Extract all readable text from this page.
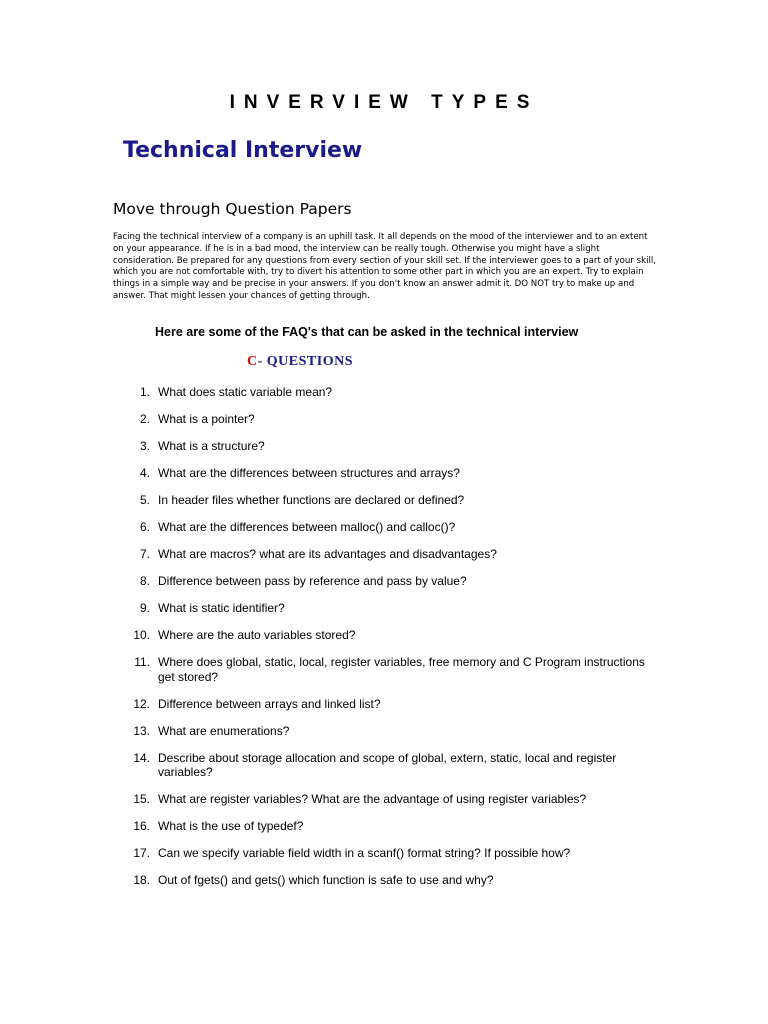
INVERVIEW TYPES
Technical Interview
Move through Question Papers
Facing the technical interview of a company is an uphill task. It all depends on the mood of the interviewer and to an extent on your appearance. If he is in a bad mood, the interview can be really tough. Otherwise you might have a slight consideration. Be prepared for any questions from every section of your skill set. If the interviewer goes to a part of your skill, which you are not comfortable with, try to divert his attention to some other part in which you are an expert. Try to explain things in a simple way and be precise in your answers. If you don't know an answer admit it. DO NOT try to make up and answer. That might lessen your chances of getting through.
Here are some of the FAQ's that can be asked in the technical interview
C- QUESTIONS
1. What does static variable mean?
2. What is a pointer?
3. What is a structure?
4. What are the differences between structures and arrays?
5. In header files whether functions are declared or defined?
6. What are the differences between malloc() and calloc()?
7. What are macros? what are its advantages and disadvantages?
8. Difference between pass by reference and pass by value?
9. What is static identifier?
10. Where are the auto variables stored?
11. Where does global, static, local, register variables, free memory and C Program instructions get stored?
12. Difference between arrays and linked list?
13. What are enumerations?
14. Describe about storage allocation and scope of global, extern, static, local and register variables?
15. What are register variables? What are the advantage of using register variables?
16. What is the use of typedef?
17. Can we specify variable field width in a scanf() format string? If possible how?
18. Out of fgets() and gets() which function is safe to use and why?
